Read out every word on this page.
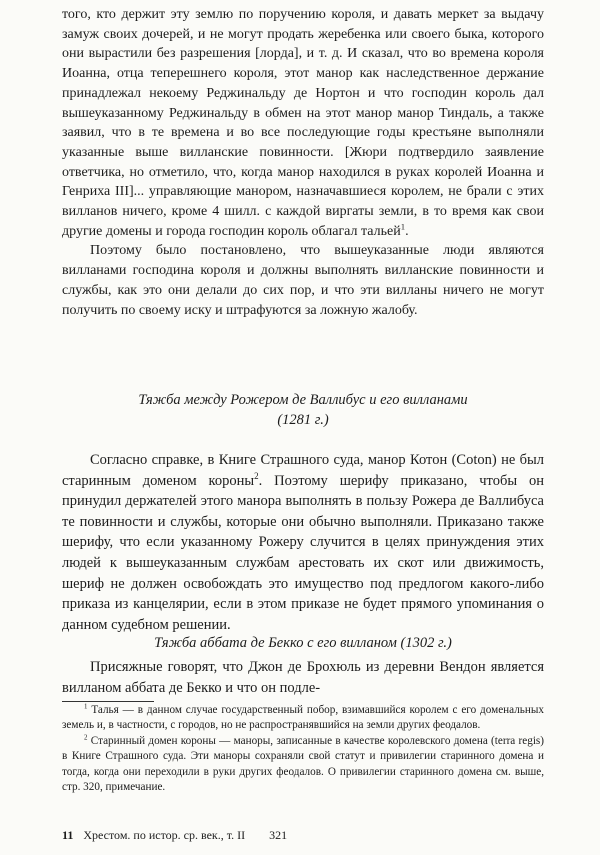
того, кто держит эту землю по поручению короля, и давать меркет за выдачу замуж своих дочерей, и не могут продать жеребенка или своего быка, которого они вырастили без разрешения [лорда], и т. д. И сказал, что во времена короля Иоанна, отца теперешнего короля, этот манор как наследственное держание принадлежал некоему Реджинальду де Нортон и что господин король дал вышеуказанному Реджинальду в обмен на этот манор манор Тиндаль, а также заявил, что в те времена и во все последующие годы крестьяне выполняли указанные выше вилланские повинности. [Жюри подтвердило заявление ответчика, но отметило, что, когда манор находился в руках королей Иоанна и Генриха III]... управляющие манором, назначавшиеся королем, не брали с этих вилланов ничего, кроме 4 шилл. с каждой виргаты земли, в то время как свои другие домены и города господин король облагал тальей$^1$.

Поэтому было постановлено, что вышеуказанные люди являются вилланами господина короля и должны выполнять вилланские повинности и службы, как это они делали до сих пор, и что эти вилланы ничего не могут получить по своему иску и штрафуются за ложную жалобу.

Тяжба между Рожером де Валлибус и его вилланами
(1281 г.)

Согласно справке, в Книге Страшного суда, манор Котон (Coton) не был старинным доменом короны$^2$. Поэтому шерифу приказано, чтобы он принудил держателей этого манора выполнять в пользу Рожера де Валлибуса те повинности и службы, которые они обычно выполняли. Приказано также шерифу, что если указанному Рожеру случится в целях принуждения этих людей к вышеуказанным службам арестовать их скот или движимость, шериф не должен освобождать это имущество под предлогом какого-либо приказа из канцелярии, если в этом приказе не будет прямого упоминания о данном судебном решении.

Тяжба аббата де Бекко с его вилланом (1302 г.)

Присяжные говорят, что Джон де Брохюль из деревни Вендон является вилланом аббата де Бекко и что он подле-

$^1$ Талья — в данном случае государственный побор, взимавшийся королем с его доменальных земель и, в частности, с городов, но не распространявшийся на земли других феодалов.

$^2$ Старинный домен короны — маноры, записанные в качестве королевского домена (terra regis) в Книге Страшного суда. Эти маноры сохраняли свой статут и привилегии старинного домена и тогда, когда они переходили в руки других феодалов. О привилегии старинного домена см. выше, стр. 320, примечание.

11 Хрестом. по истор. ср. век., т. II 321
